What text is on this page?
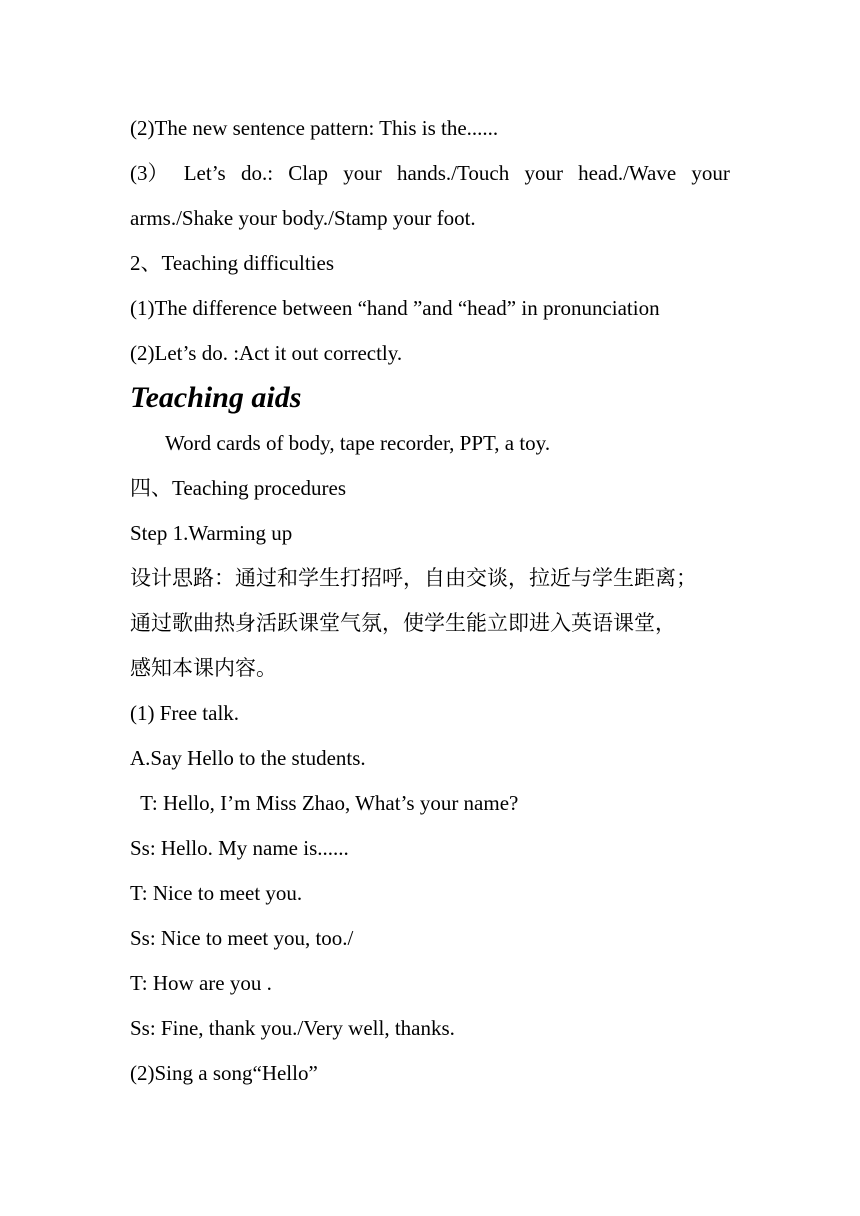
(2)The new sentence pattern: This is the......
(3） Let’s do.: Clap your hands./Touch your head./Wave your
arms./Shake your body./Stamp your foot.
2、Teaching difficulties
(1)The difference between “hand ”and “head” in pronunciation
(2)Let’s do. :Act it out correctly.
Teaching aids
Word cards of body, tape recorder, PPT, a toy.
四、Teaching procedures
Step 1.Warming up
设计思路：通过和学生打招呼，自由交谈，拉近与学生距离；
通过歌曲热身活跃课堂气氛，使学生能立即进入英语课堂，
感知本课内容。
(1) Free talk.
A.Say Hello to the students.
T: Hello, I’m Miss Zhao, What’s your name?
Ss: Hello. My name is......
T: Nice to meet you.
Ss: Nice to meet you, too./
T: How are you .
Ss: Fine, thank you./Very well, thanks.
(2)Sing a song“Hello”
